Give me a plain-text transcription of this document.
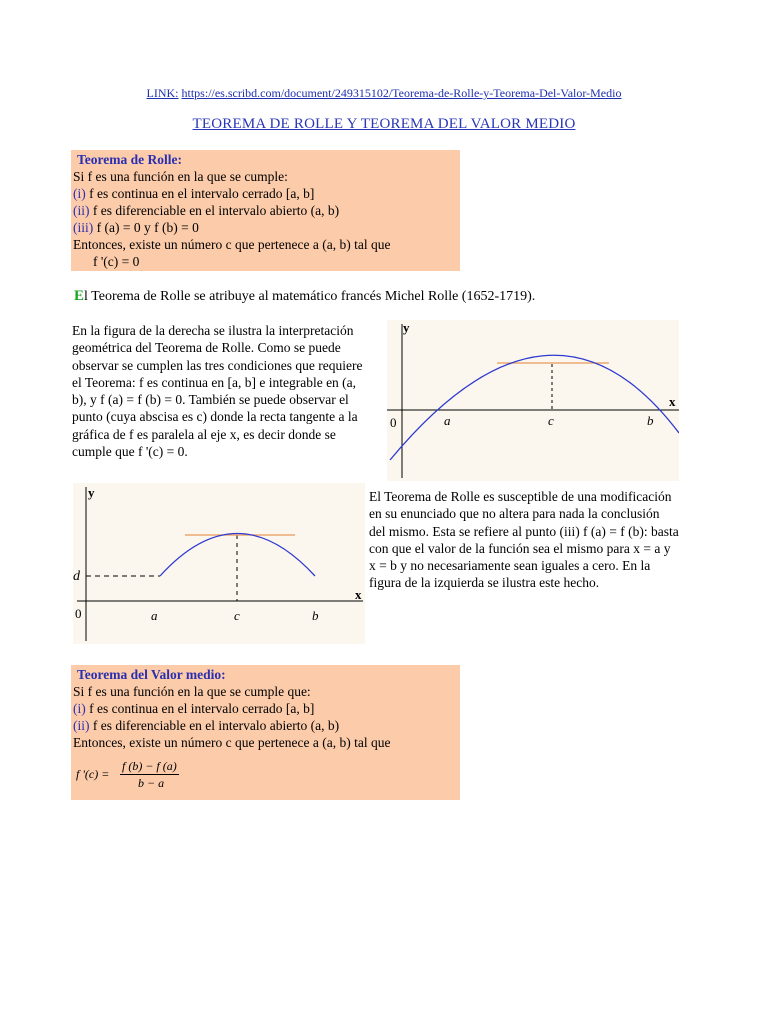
LINK: https://es.scribd.com/document/249315102/Teorema-de-Rolle-y-Teorema-Del-Valor-Medio
TEOREMA DE ROLLE Y TEOREMA DEL VALOR MEDIO
Teorema de Rolle:
Si f es una función en la que se cumple:
(i) f es continua en el intervalo cerrado [a, b]
(ii) f es diferenciable en el intervalo abierto (a, b)
(iii) f (a) = 0 y f (b) = 0
Entonces, existe un número c que pertenece a (a, b) tal que
f '(c) = 0
El Teorema de Rolle se atribuye al matemático francés Michel Rolle (1652-1719).
En la figura de la derecha se ilustra la interpretación geométrica del Teorema de Rolle. Como se puede observar se cumplen las tres condiciones que requiere el Teorema: f es continua en [a, b] e integrable en (a, b), y f (a) = f (b) = 0. También se puede observar el punto (cuya abscisa es c) donde la recta tangente a la gráfica de f es paralela al eje x, es decir donde se cumple que f '(c) = 0.
y
x
0	a	c	b
y
x
0
d
a	c	b
El Teorema de Rolle es susceptible de una modificación en su enunciado que no altera para nada la conclusión del mismo. Esta se refiere al punto (iii) f (a) = f (b): basta con que el valor de la función sea el mismo para x = a y x = b y no necesariamente sean iguales a cero. En la figura de la izquierda se ilustra este hecho.
Teorema del Valor medio:
Si f es una función en la que se cumple que:
(i) f es continua en el intervalo cerrado [a, b]
(ii) f es diferenciable en el intervalo abierto (a, b)
Entonces, existe un número c que pertenece a (a, b) tal que
f '(c) =
f (b) − f (a)
b − a
